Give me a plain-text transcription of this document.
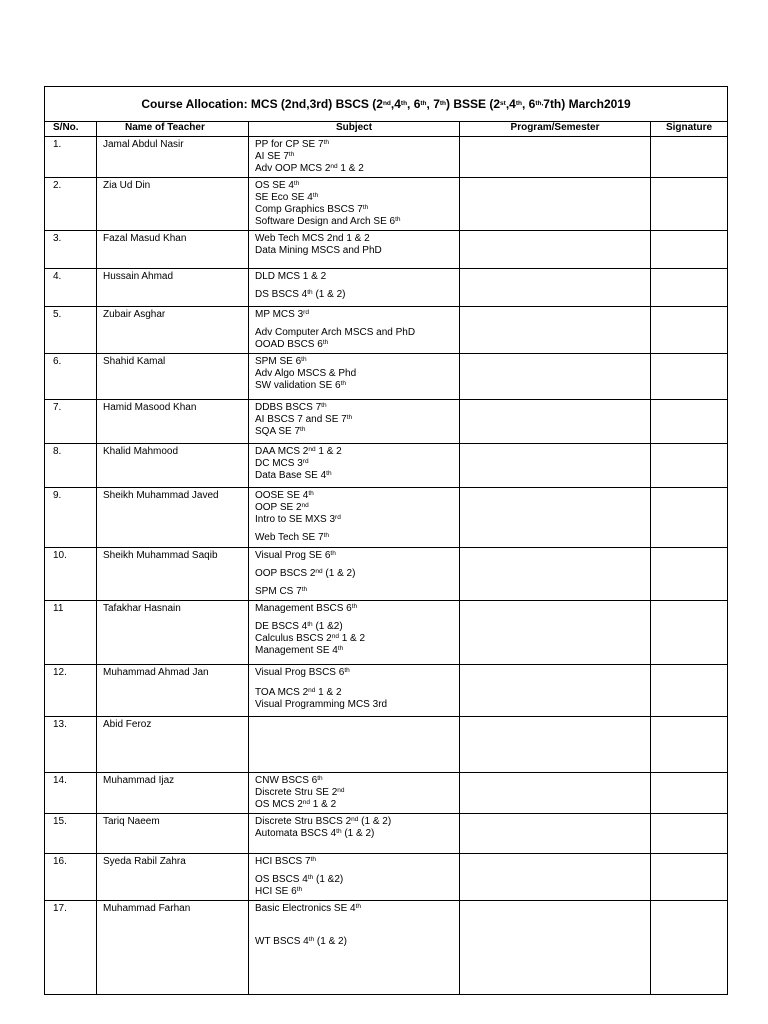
Course Allocation: MCS (2nd,3rd) BSCS (2nd,4th, 6th, 7th) BSSE (2st,4th, $6^{th,}7th$) March2019				
S/No.	Name of Teacher	Subject	Program/Semester	Signature
1.	Jamal Abdul Nasir	PP for CP SE 7th
AI SE 7th
Adv OOP MCS 2nd 1 & 2		

2.	Zia Ud Din	OS SE 4th
SE Eco SE 4th
Comp Graphics BSCS 7th
Software Design and Arch SE 6th

3.	Fazal Masud Khan	Web Tech MCS 2nd 1 & 2
Data Mining MSCS and PhD		

4.	Hussain Ahmad	DLD MCS 1 & 2
DS BSCS 4th (1 & 2)		

5.	Zubair Asghar	MP MCS 3rd
Adv Computer Arch MSCS and PhD
OOAD BSCS 6th

6.	Shahid Kamal	SPM SE 6th
Adv Algo MSCS & Phd
SW validation SE 6th

7.	Hamid Masood Khan	DDBS BSCS 7th
AI BSCS 7 and SE 7th
SQA SE 7th

8.	Khalid Mahmood	DAA MCS 2nd 1 & 2
DC MCS 3rd
Data Base SE 4th

9.	Sheikh Muhammad Javed	OOSE SE 4th
OOP SE 2nd
Intro to SE MXS 3rd
Web Tech SE 7th

10.	Sheikh Muhammad Saqib	Visual Prog SE 6th
OOP BSCS 2nd (1 & 2)
SPM CS 7th

11	Tafakhar Hasnain	Management BSCS 6th
DE BSCS 4th (1 &2)
Calculus BSCS 2nd 1 & 2
Management SE 4th

12.	Muhammad Ahmad Jan	Visual Prog BSCS 6th
TOA MCS 2nd 1 & 2
Visual Programming MCS 3rd		

13.	Abid Feroz			
14.	Muhammad Ijaz	CNW BSCS 6th
Discrete Stru SE 2nd
OS MCS 2nd 1 & 2		

15.	Tariq Naeem	Discrete Stru BSCS 2nd (1 & 2)
Automata BSCS 4th (1 & 2)		

16.	Syeda Rabil Zahra	HCI BSCS 7th
OS BSCS 4th (1 &2)
HCI SE 6th

17.	Muhammad Farhan	Basic Electronics SE 4th
WT BSCS 4th (1 & 2)		
